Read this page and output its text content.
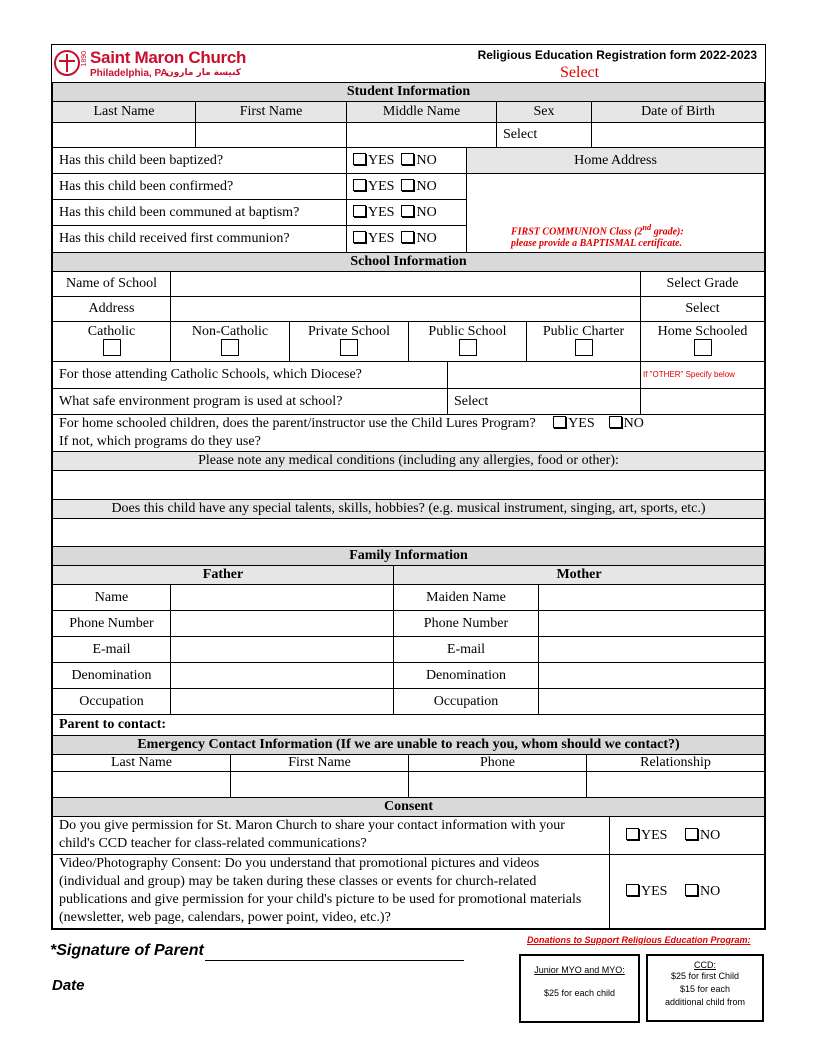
1890 Saint Maron Church
Philadelphia, PA
كنيسة مار مارون
Religious Education Registration form 2022-2023
Select
Student Information				
Last Name	First Name	Middle Name	Sex	Date of Birth
			Select	
Has this child been baptized?	YES NO	Home Address
Has this child been confirmed?	YES NO	FIRST COMMUNION Class (2nd grade):
please provide a BAPTISMAL certificate.

Has this child been communed at baptism?	YES NO	
Has this child received first communion?	YES NO	
School Information					
Name of School					Select Grade
Address					Select

Catholic	Non-Catholic	Private School	Public School	Public Charter	Home Schooled
For those attending Catholic Schools, which Diocese?		If "OTHER" Specify below
What safe environment program is used at school?	Select	
For home schooled children, does the parent/instructor use the Child Lures Program? YES NO
If not, which programs do they use?
Please note any medical conditions (including any allergies, food or other):

Does this child have any special talents, skills, hobbies? (e.g. musical instrument, singing, art, sports, etc.)

Family Information			
Father		Mother	
Name		Maiden Name	
Phone Number		Phone Number	
E-mail		E-mail	
Denomination		Denomination	
Occupation		Occupation	
Parent to contact:			
Emergency Contact Information (If we are unable to reach you, whom should we contact?)			
Last Name	First Name	Phone	Relationship

Consent	
Do you give permission for St. Maron Church to share your contact information with your child's CCD teacher for class-related communications?	YES NO
Video/Photography Consent: Do you understand that promotional pictures and videos (individual and group) may be taken during these classes or events for church-related publications and give permission for your child's picture to be used for promotional materials (newsletter, web page, calendars, power point, video, etc.)?	YES NO
*Signature of Parent
Date
Donations to Support Religious Education Program:
Junior MYO and MYO:
$25 for each child
CCD:
$25 for first Child
$15 for each
additional child from
